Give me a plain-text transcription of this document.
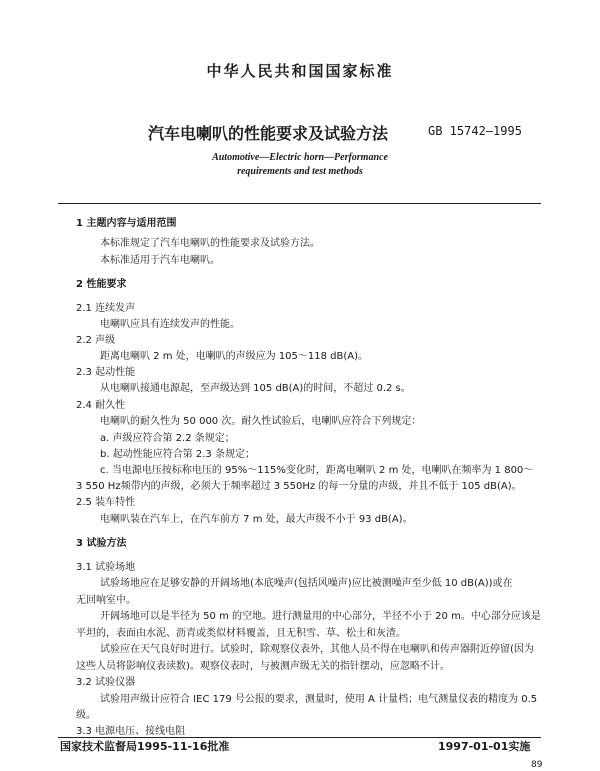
中华人民共和国国家标准
汽车电喇叭的性能要求及试验方法	GB 15742—1995
Automotive—Electric horn—Performance
requirements and test methods
1 主题内容与适用范围
本标准规定了汽车电喇叭的性能要求及试验方法。
本标准适用于汽车电喇叭。
2 性能要求
2.1 连续发声
电喇叭应具有连续发声的性能。
2.2 声级
距离电喇叭 2 m 处，电喇叭的声级应为 105～118 dB(A)。
2.3 起动性能
从电喇叭接通电源起，至声级达到 105 dB(A)的时间，不超过 0.2 s。
2.4 耐久性
电喇叭的耐久性为 50 000 次。耐久性试验后，电喇叭应符合下列规定：
a. 声级应符合第 2.2 条规定；
b. 起动性能应符合第 2.3 条规定；
c. 当电源电压按标称电压的 95%～115%变化时，距离电喇叭 2 m 处，电喇叭在频率为 1 800～
3 550 Hz频带内的声级，必须大于频率超过 3 550Hz 的每一分量的声级，并且不低于 105 dB(A)。
2.5 装车特性
电喇叭装在汽车上，在汽车前方 7 m 处，最大声级不小于 93 dB(A)。
3 试验方法
3.1 试验场地
试验场地应在足够安静的开阔场地(本底噪声(包括风噪声)应比被测噪声至少低 10 dB(A))或在
无回响室中。
开阔场地可以是半径为 50 m 的空地。进行测量用的中心部分，半径不小于 20 m。中心部分应该是
平坦的，表面由水泥、沥青或类似材料覆盖，且无积雪、草、松土和灰渣。
试验应在天气良好时进行。试验时，除观察仪表外，其他人员不得在电喇叭和传声器附近停留(因为
这些人员将影响仪表读数)。观察仪表时，与被测声级无关的指针摆动，应忽略不计。
3.2 试验仪器
试验用声级计应符合 IEC 179 号公报的要求，测量时，使用 A 计量档；电气测量仪表的精度为 0.5
级。
3.3 电源电压、接线电阻
国家技术监督局1995-11-16批准	1997-01-01实施
89
